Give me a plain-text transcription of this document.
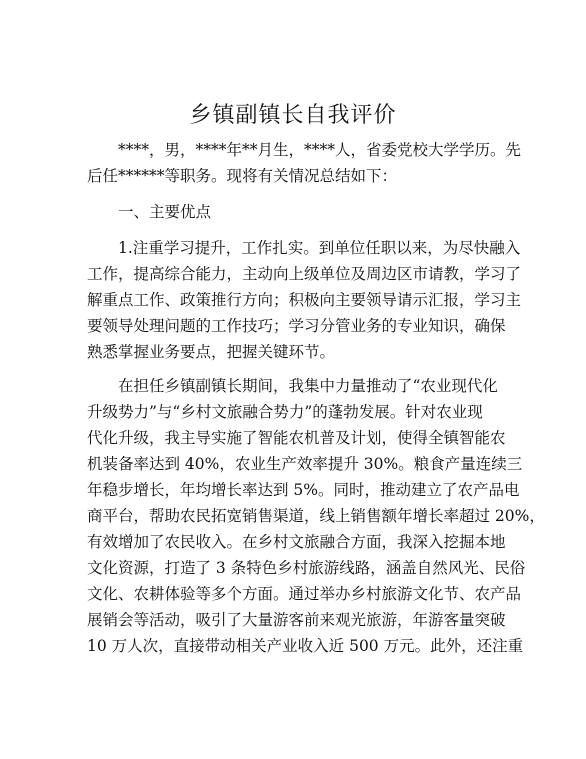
乡镇副镇长自我评价
****，男，****年**月生，****人，省委党校大学学历。先
后任******等职务。现将有关情况总结如下：
一、主要优点
1.注重学习提升，工作扎实。到单位任职以来，为尽快融入
工作，提高综合能力，主动向上级单位及周边区市请教，学习了
解重点工作、政策推行方向；积极向主要领导请示汇报，学习主
要领导处理问题的工作技巧；学习分管业务的专业知识，确保
熟悉掌握业务要点，把握关键环节。
在担任乡镇副镇长期间，我集中力量推动了“农业现代化
升级势力”与“乡村文旅融合势力”的蓬勃发展。针对农业现
代化升级，我主导实施了智能农机普及计划，使得全镇智能农
机装备率达到 40%，农业生产效率提升 30%。粮食产量连续三
年稳步增长，年均增长率达到 5%。同时，推动建立了农产品电
商平台，帮助农民拓宽销售渠道，线上销售额年增长率超过 20%，
有效增加了农民收入。在乡村文旅融合方面，我深入挖掘本地
文化资源，打造了 3 条特色乡村旅游线路，涵盖自然风光、民俗
文化、农耕体验等多个方面。通过举办乡村旅游文化节、农产品
展销会等活动，吸引了大量游客前来观光旅游，年游客量突破
10 万人次，直接带动相关产业收入近 500 万元。此外，还注重
